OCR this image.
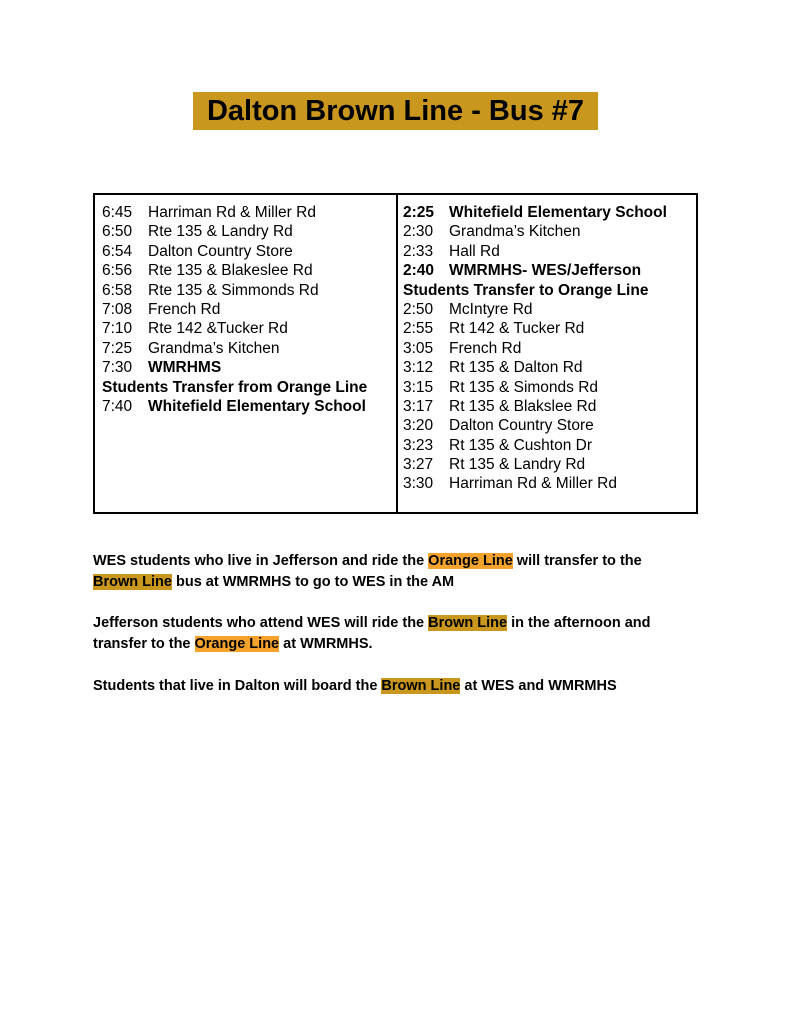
Dalton Brown Line - Bus #7
6:45	Harriman Rd & Miller Rd
6:50	Rte 135 & Landry Rd
6:54	Dalton Country Store
6:56	Rte 135 & Blakeslee Rd
6:58	Rte 135 & Simmonds Rd
7:08	French Rd
7:10	Rte 142 &Tucker Rd
7:25	Grandma’s Kitchen
7:30	WMRHMS
Students Transfer from Orange Line
7:40	Whitefield Elementary School
2:25 Whitefield Elementary School
2:30	Grandma’s Kitchen
2:33	Hall Rd
2:40 WMRMHS- WES/Jefferson
Students Transfer to Orange Line
2:50	McIntyre Rd
2:55	Rt 142 & Tucker Rd
3:05	French Rd
3:12	Rt 135 & Dalton Rd
3:15	Rt 135 & Simonds Rd
3:17	Rt 135 & Blakslee Rd
3:20	Dalton Country Store
3:23	Rt 135 & Cushton Dr
3:27	Rt 135 & Landry Rd
3:30	Harriman Rd & Miller Rd
WES students who live in Jefferson and ride the Orange Line will transfer to the
Brown Line bus at WMRMHS to go to WES in the AM
Jefferson students who attend WES will ride the Brown Line in the afternoon and
transfer to the Orange Line at WMRMHS.
Students that live in Dalton will board the Brown Line at WES and WMRMHS
